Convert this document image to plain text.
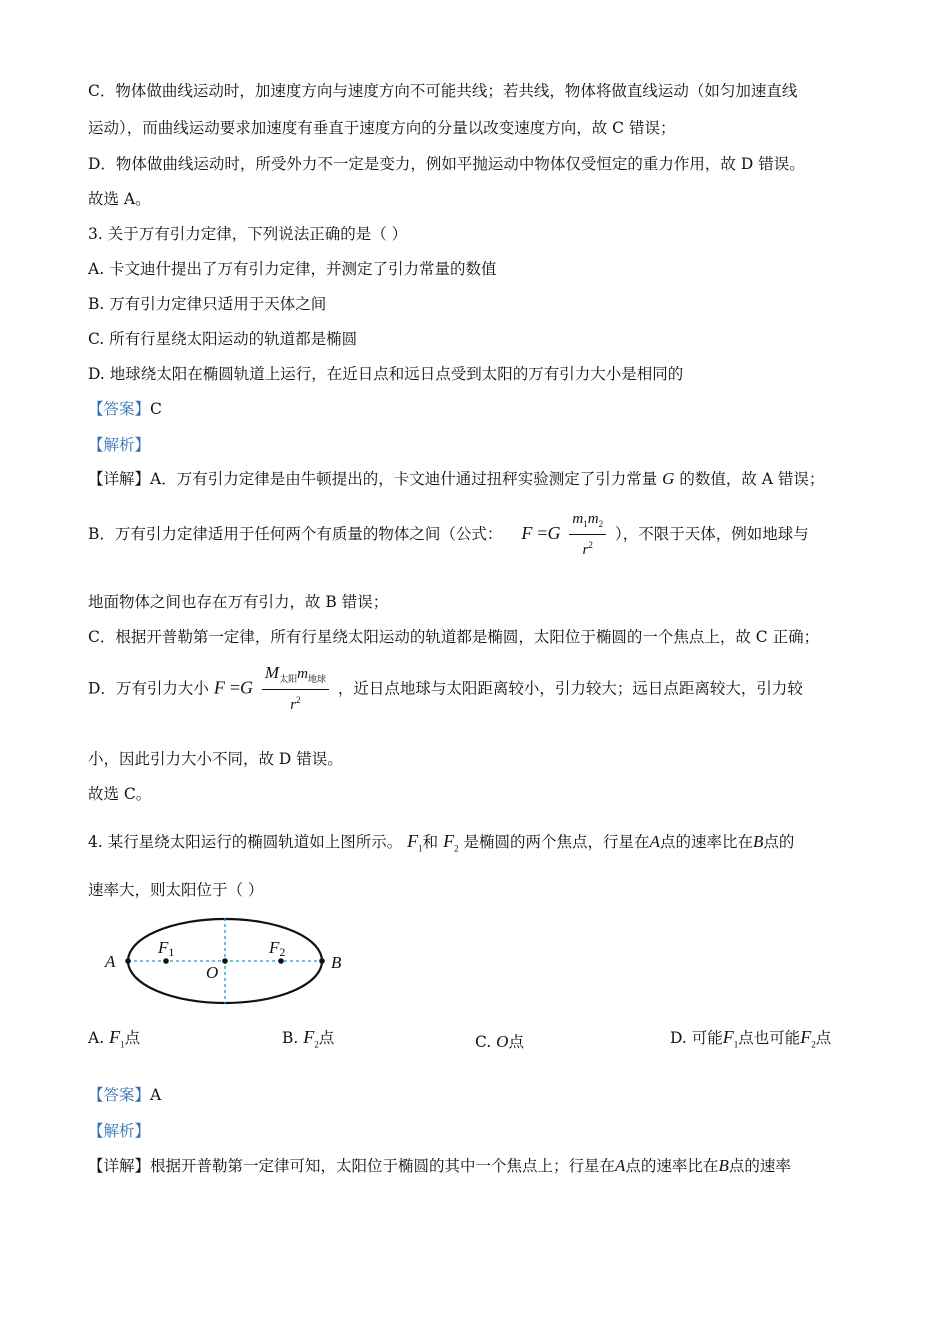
C．物体做曲线运动时，加速度方向与速度方向不可能共线；若共线，物体将做直线运动（如匀加速直线
运动），而曲线运动要求加速度有垂直于速度方向的分量以改变速度方向，故 C 错误；
D．物体做曲线运动时，所受外力不一定是变力，例如平抛运动中物体仅受恒定的重力作用，故 D 错误。
故选 A。
3. 关于万有引力定律，下列说法正确的是（ ）
A. 卡文迪什提出了万有引力定律，并测定了引力常量的数值
B. 万有引力定律只适用于天体之间
C. 所有行星绕太阳运动的轨道都是椭圆
D. 地球绕太阳在椭圆轨道上运行，在近日点和远日点受到太阳的万有引力大小是相同的
【答案】C
【解析】
【详解】A．万有引力定律是由牛顿提出的，卡文迪什通过扭秤实验测定了引力常量 G 的数值，故 A 错误；
B．万有引力定律适用于任何两个有质量的物体之间（公式： $F =G \frac{m_1m_2}{r^2}$ ），不限于天体，例如地球与
地面物体之间也存在万有引力，故 B 错误；
C．根据开普勒第一定律，所有行星绕太阳运动的轨道都是椭圆，太阳位于椭圆的一个焦点上，故 C 正确；
D．万有引力大小 $F =G \frac{M_{太阳}m_{地球}}{r^2}$ ，近日点地球与太阳距离较小，引力较大；远日点距离较大，引力较
小，因此引力大小不同，故 D 错误。
故选 C。
4. 某行星绕太阳运行的椭圆轨道如上图所示。 $F_1$和 $F_2$ 是椭圆的两个焦点，行星在A点的速率比在B点的
速率大，则太阳位于（ ）
A	B
O
F1	F2
A. $F_1$点	B. $F_2$点	C. O点	D. 可能$F_1$点也可能$F_2$点
【答案】A
【解析】
【详解】根据开普勒第一定律可知，太阳位于椭圆的其中一个焦点上；行星在A点的速率比在B点的速率
